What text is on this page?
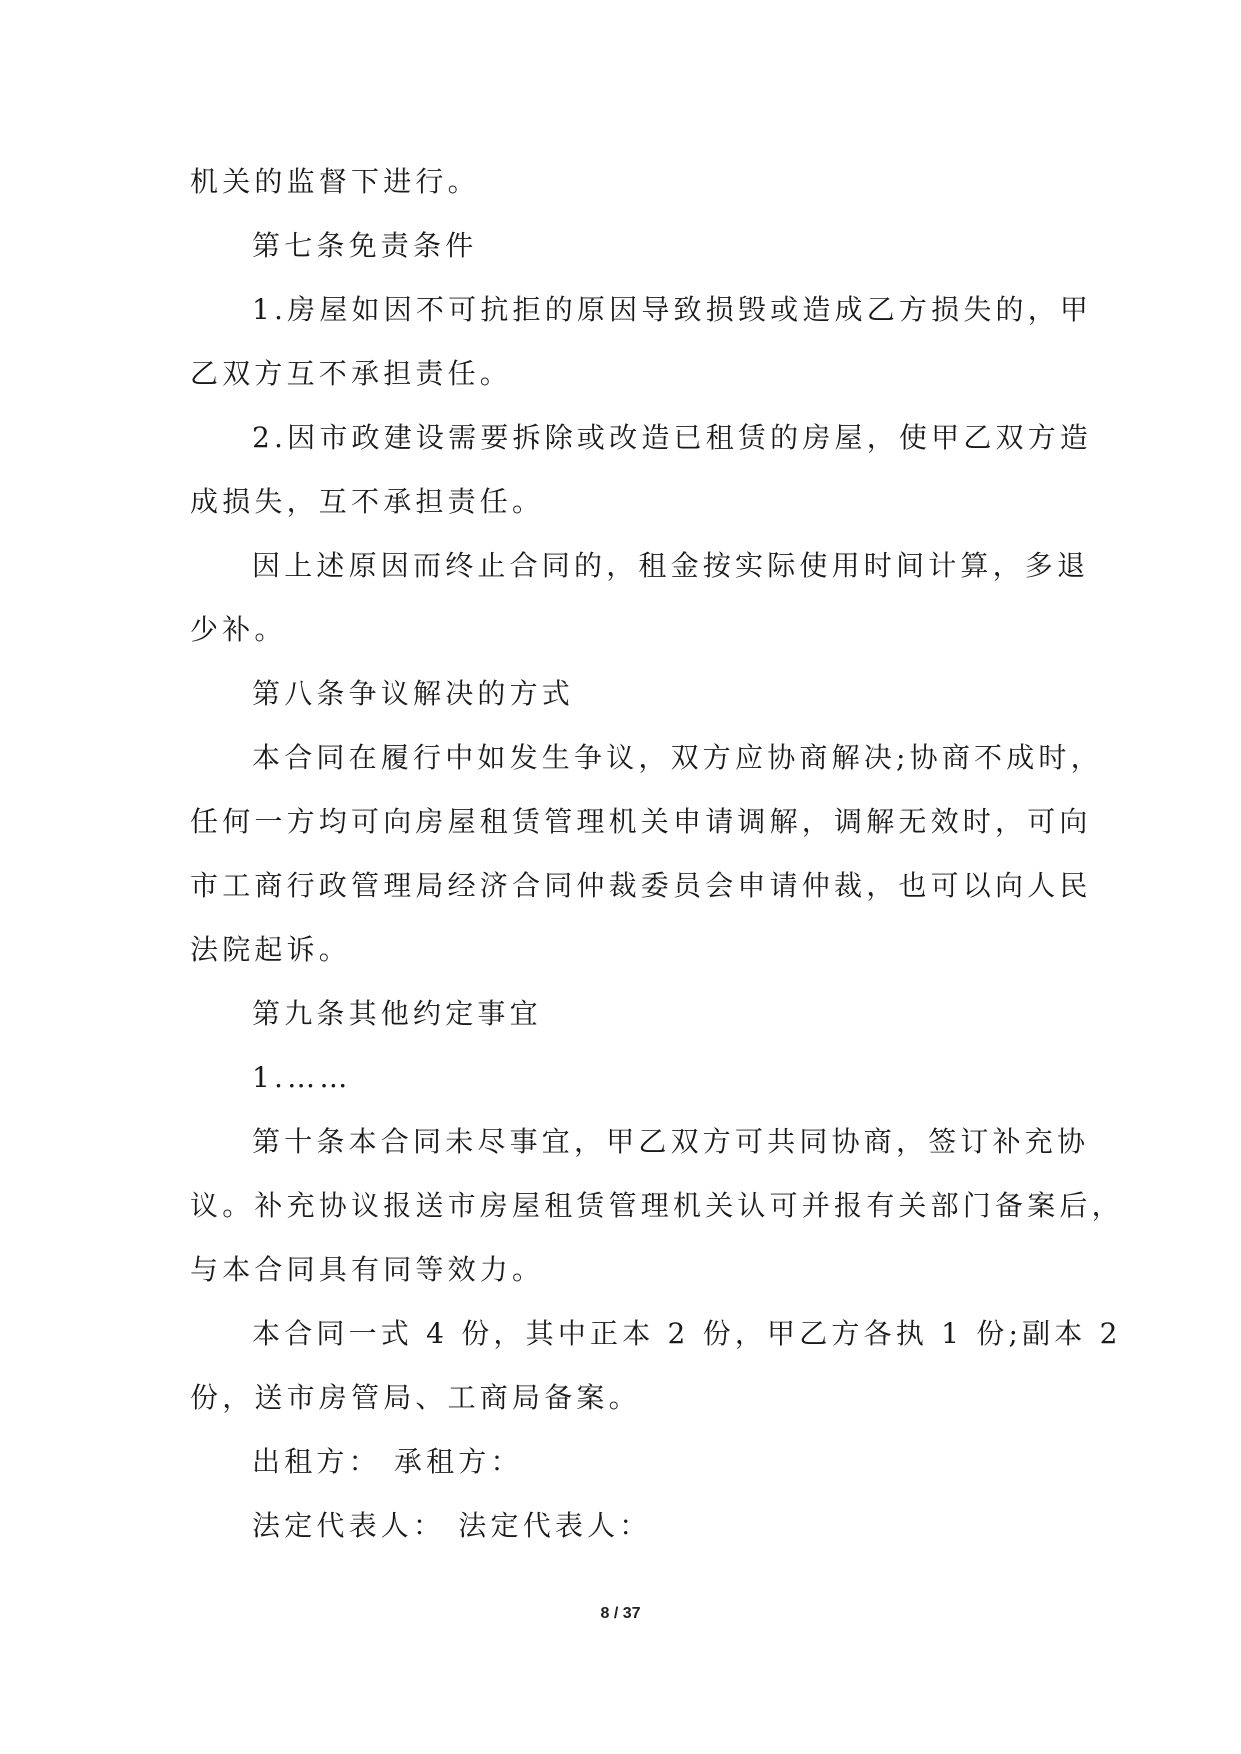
机关的监督下进行。
第七条免责条件
1.房屋如因不可抗拒的原因导致损毁或造成乙方损失的，甲
乙双方互不承担责任。
2.因市政建设需要拆除或改造已租赁的房屋，使甲乙双方造
成损失，互不承担责任。
因上述原因而终止合同的，租金按实际使用时间计算，多退
少补。
第八条争议解决的方式
本合同在履行中如发生争议，双方应协商解决;协商不成时，
任何一方均可向房屋租赁管理机关申请调解，调解无效时，可向
市工商行政管理局经济合同仲裁委员会申请仲裁，也可以向人民
法院起诉。
第九条其他约定事宜
1.……
第十条本合同未尽事宜，甲乙双方可共同协商，签订补充协
议。补充协议报送市房屋租赁管理机关认可并报有关部门备案后，
与本合同具有同等效力。
本合同一式 4 份，其中正本 2 份，甲乙方各执 1 份;副本 2
份，送市房管局、工商局备案。
出租方： 承租方：
法定代表人： 法定代表人：
8 / 37
